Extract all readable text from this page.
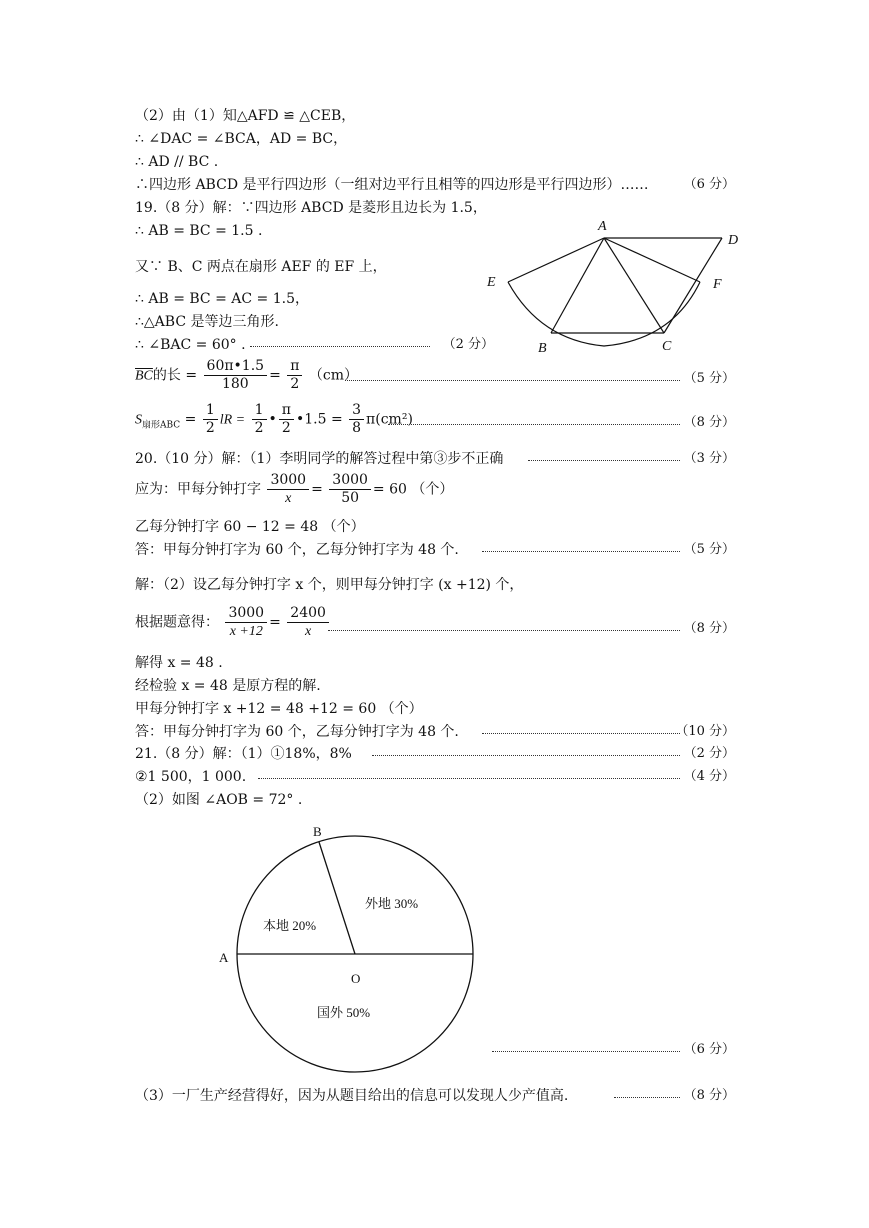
（2）由（1）知△AFD ≌ △CEB，
∴ ∠DAC = ∠BCA，AD = BC，
∴ AD // BC .
∴四边形 ABCD 是平行四边形（一组对边平行且相等的四边形是平行四边形）……	（6 分）
19.（8 分）解：∵四边形 ABCD 是菱形且边长为 1.5，
∴ AB = BC = 1.5 .
又∵ B、C 两点在扇形 AEF 的 EF 上，
∴ AB = BC = AC = 1.5，
∴△ABC 是等边三角形.
∴ ∠BAC = 60° .	（2 分）
$\overline{BC}$的长 = $\frac{60\pi•1.5}{180} = \frac{\pi}{2} (cm)$	（5 分）
$S_{扇形ABC} = \frac{1}{2}$ lR = $\frac{1}{2}$ • $\frac{\pi}{2}$ •1.5 = $\frac{3}{8} \pi(cm^2)$	（8 分）
20.（10 分）解：（1）李明同学的解答过程中第③步不正确	（3 分）
应为：甲每分钟打字 $\frac{3000}{x} = \frac{3000}{50} = 60$ （个）
乙每分钟打字 60 − 12 = 48 （个）
答：甲每分钟打字为 60 个，乙每分钟打字为 48 个.	（5 分）
解：（2）设乙每分钟打字 x 个，则甲每分钟打字 (x +12) 个，
根据题意得： $\frac{3000}{x +12} = \frac{2400}{x}$	（8 分）
解得 x = 48 .
经检验 x = 48 是原方程的解.
甲每分钟打字 x +12 = 48 +12 = 60 （个）
答：甲每分钟打字为 60 个，乙每分钟打字为 48 个.	（10 分）
21.（8 分）解：（1）①18%，8%	（2 分）
②1 500，1 000.	（4 分）
（2）如图 ∠AOB = 72° .
（6 分）
（3）一厂生产经营得好，因为从题目给出的信息可以发现人少产值高.	（8 分）
A
D
E	F
B	C
A
B
O
本地 20%
外地 30%
国外 50%
